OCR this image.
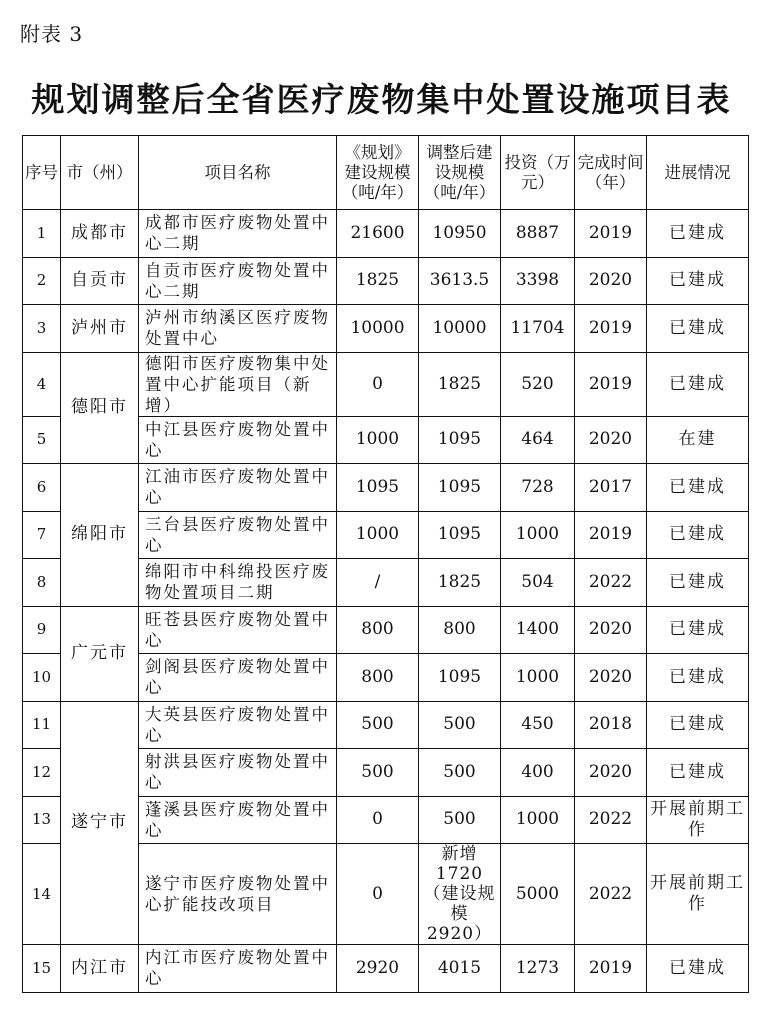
附表 3
规划调整后全省医疗废物集中处置设施项目表
序号	市（州）	项目名称	《规划》建设规模（吨/年）	调整后建设规模（吨/年）	投资（万元）	完成时间（年）	进展情况
1	成都市	成都市医疗废物处置中心二期	21600	10950	8887	2019	已建成
2	自贡市	自贡市医疗废物处置中心二期	1825	3613.5	3398	2020	已建成
3	泸州市	泸州市纳溪区医疗废物处置中心	10000	10000	11704	2019	已建成
4	德阳市	德阳市医疗废物集中处置中心扩能项目（新增）	0	1825	520	2019	已建成
5		中江县医疗废物处置中心	1000	1095	464	2020	在建
6	绵阳市	江油市医疗废物处置中心	1095	1095	728	2017	已建成
7		三台县医疗废物处置中心	1000	1095	1000	2019	已建成
8		绵阳市中科绵投医疗废物处置项目二期	/	1825	504	2022	已建成
9	广元市	旺苍县医疗废物处置中心	800	800	1400	2020	已建成
10		剑阁县医疗废物处置中心	800	1095	1000	2020	已建成
11	遂宁市	大英县医疗废物处置中心	500	500	450	2018	已建成
12		射洪县医疗废物处置中心	500	500	400	2020	已建成
13		蓬溪县医疗废物处置中心	0	500	1000	2022	开展前期工作
14		遂宁市医疗废物处置中心扩能技改项目	0	新增 1720（建设规模 2920）	5000	2022	开展前期工作
15	内江市	内江市医疗废物处置中心	2920	4015	1273	2019	已建成
